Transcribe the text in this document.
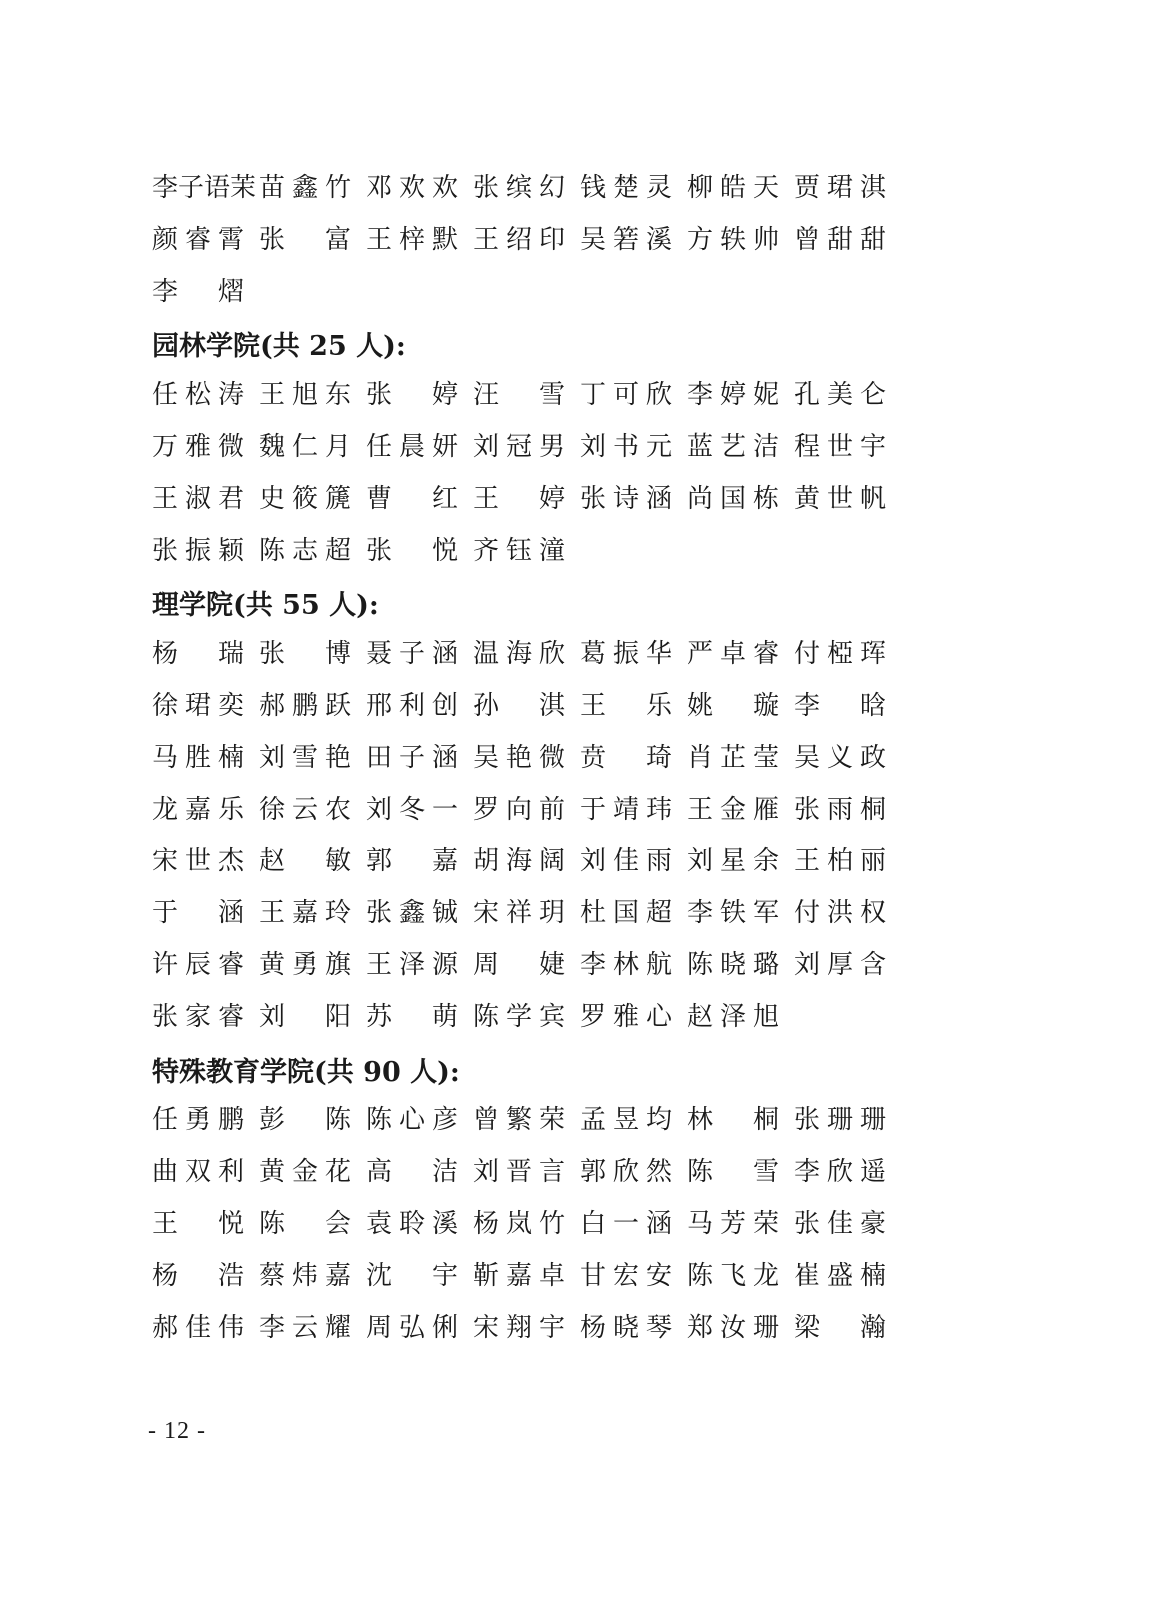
李 子 语 茉 苗 鑫 竹 邓 欢 欢 张 缤 幻 钱 楚 灵 柳 皓 天 贾 珺 淇
颜 睿 霄 张 富 王 梓 默 王 绍 印 吴 箬 溪 方 轶 帅 曾 甜 甜
李 熠
园林学院(共 25 人):
任 松 涛 王 旭 东 张 婷 汪 雪 丁 可 欣 李 婷 妮 孔 美 仑
万 雅 微 魏 仁 月 任 晨 妍 刘 冠 男 刘 书 元 蓝 艺 洁 程 世 宇
王 淑 君 史 筱 篪 曹 红 王 婷 张 诗 涵 尚 国 栋 黄 世 帆
张 振 颖 陈 志 超 张 悦 齐 钰 潼
理学院(共 55 人):
杨 瑞 张 博 聂 子 涵 温 海 欣 葛 振 华 严 卓 睿 付 椏 珲
徐 珺 奕 郝 鹏 跃 邢 利 创 孙 淇 王 乐 姚 璇 李 晗
马 胜 楠 刘 雪 艳 田 子 涵 吴 艳 微 贲 琦 肖 芷 莹 吴 义 政
龙 嘉 乐 徐 云 农 刘 冬 一 罗 向 前 于 靖 玮 王 金 雁 张 雨 桐
宋 世 杰 赵 敏 郭 嘉 胡 海 阔 刘 佳 雨 刘 星 余 王 柏 丽
于 涵 王 嘉 玲 张 鑫 铖 宋 祥 玥 杜 国 超 李 铁 军 付 洪 权
许 辰 睿 黄 勇 旗 王 泽 源 周 婕 李 林 航 陈 晓 璐 刘 厚 含
张 家 睿 刘 阳 苏 萌 陈 学 宾 罗 雅 心 赵 泽 旭
特殊教育学院(共 90 人):
任 勇 鹏 彭 陈 陈 心 彦 曾 繁 荣 孟 昱 均 林 桐 张 珊 珊
曲 双 利 黄 金 花 高 洁 刘 晋 言 郭 欣 然 陈 雪 李 欣 遥
王 悦 陈 会 袁 聆 溪 杨 岚 竹 白 一 涵 马 芳 荣 张 佳 豪
杨 浩 蔡 炜 嘉 沈 宇 靳 嘉 卓 甘 宏 安 陈 飞 龙 崔 盛 楠
郝 佳 伟 李 云 耀 周 弘 俐 宋 翔 宇 杨 晓 琴 郑 汝 珊 梁 瀚
- 12 -
